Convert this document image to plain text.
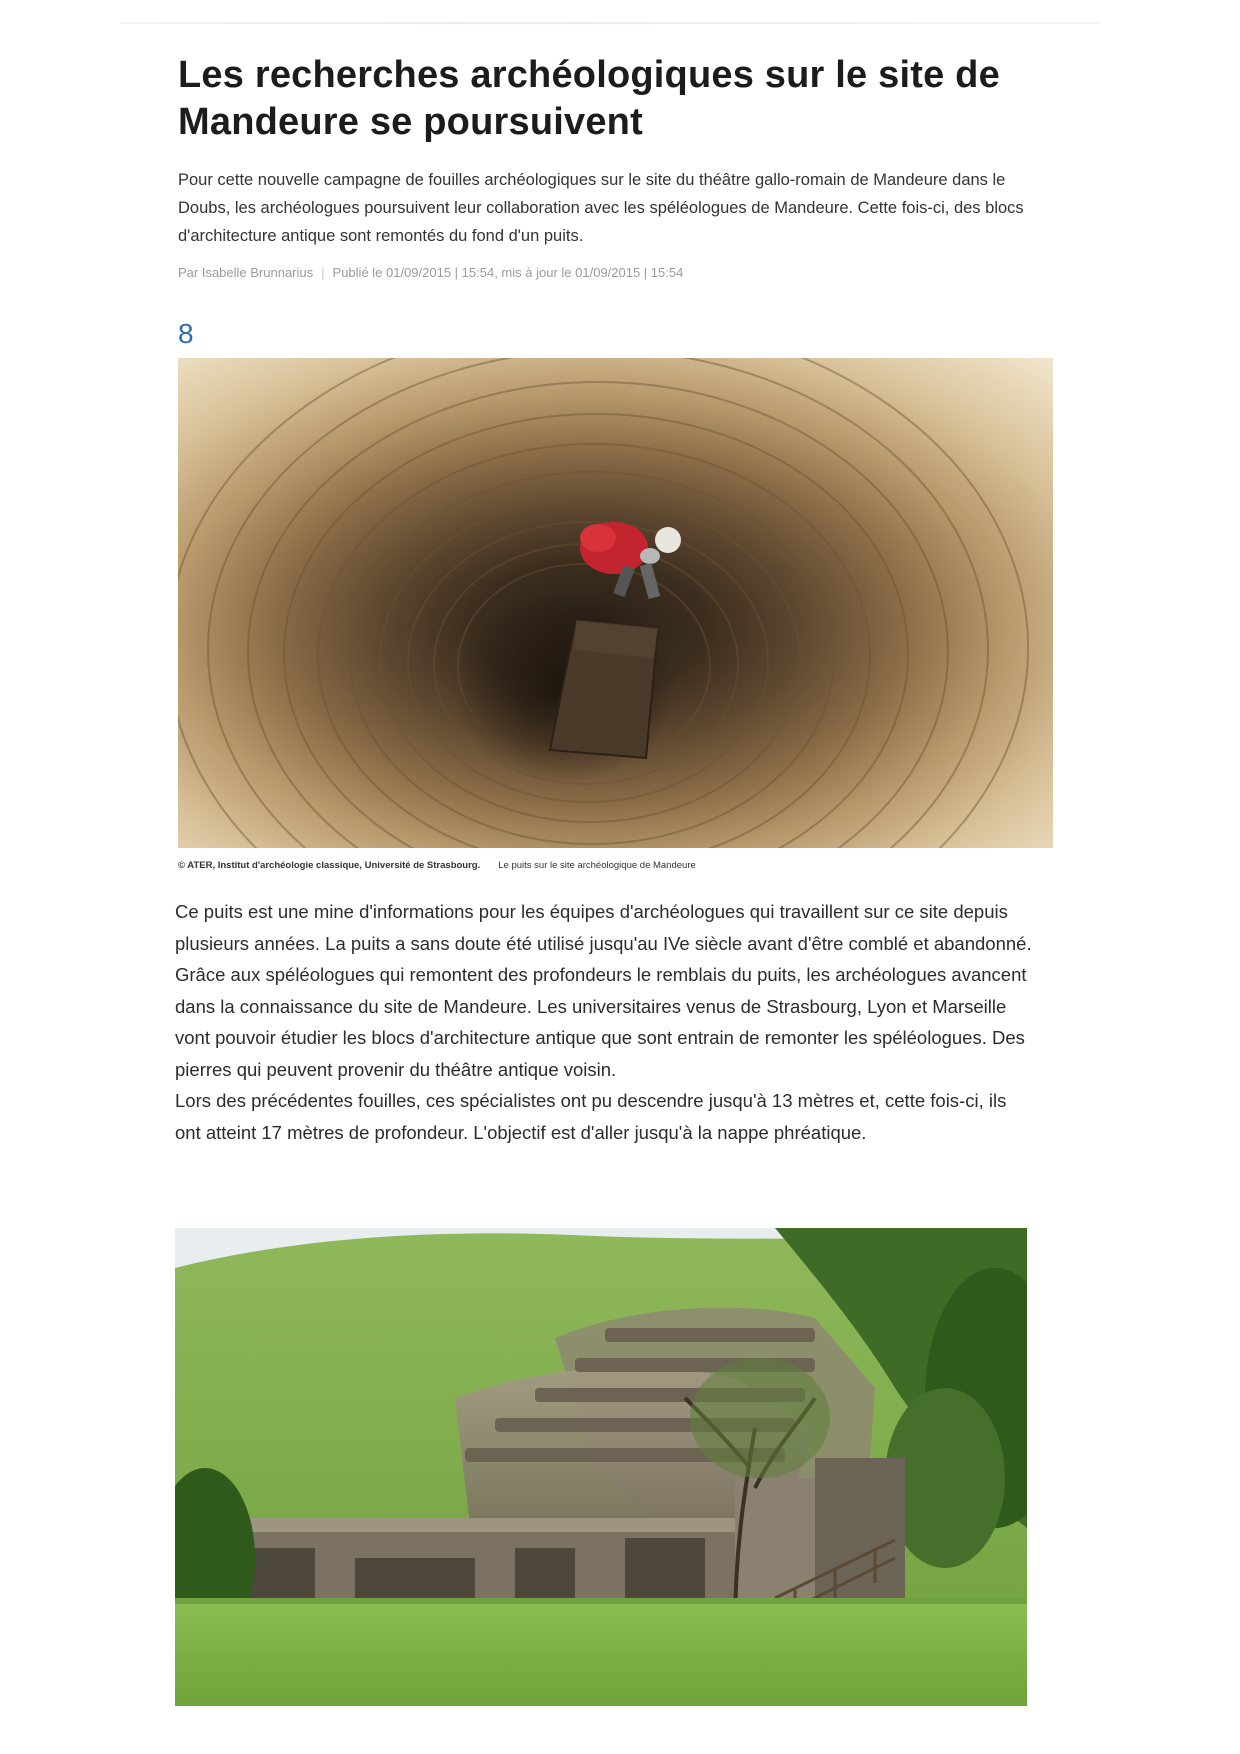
Les recherches archéologiques sur le site de Mandeure se poursuivent

Pour cette nouvelle campagne de fouilles archéologiques sur le site du théâtre gallo-romain de Mandeure dans le Doubs, les archéologues poursuivent leur collaboration avec les spéléologues de Mandeure. Cette fois-ci, des blocs d'architecture antique sont remontés du fond d'un puits.

Par Isabelle Brunnarius | Publié le 01/09/2015 | 15:54, mis à jour le 01/09/2015 | 15:54
8
© ATER, Institut d'archéologie classique, Université de Strasbourg. Le puits sur le site archéologique de Mandeure

Ce puits est une mine d'informations pour les équipes d'archéologues qui travaillent sur ce site depuis plusieurs années. La puits a sans doute été utilisé jusqu'au IVe siècle avant d'être comblé et abandonné. Grâce aux spéléologues qui remontent des profondeurs le remblais du puits, les archéologues avancent dans la connaissance du site de Mandeure. Les universitaires venus de Strasbourg, Lyon et Marseille vont pouvoir étudier les blocs d'architecture antique que sont entrain de remonter les spéléologues. Des pierres qui peuvent provenir du théâtre antique voisin.

Lors des précédentes fouilles, ces spécialistes ont pu descendre jusqu'à 13 mètres et, cette fois-ci, ils ont atteint 17 mètres de profondeur. L'objectif est d'aller jusqu'à la nappe phréatique.
